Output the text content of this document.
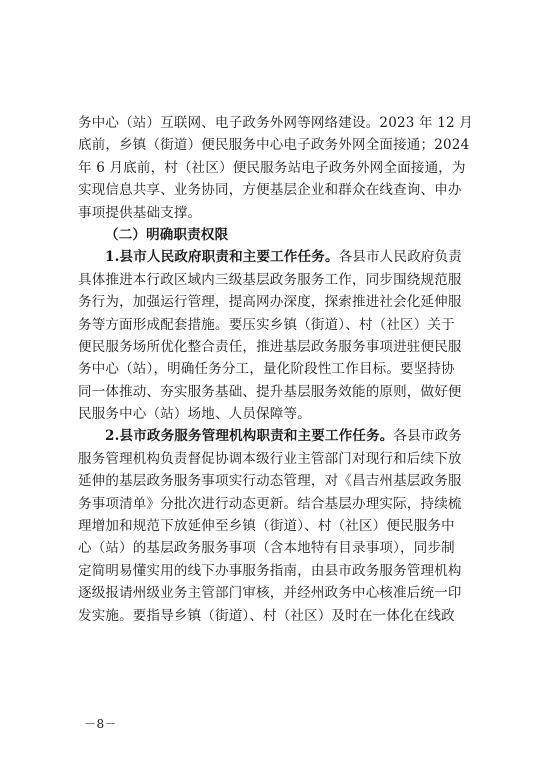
务中心（站）互联网、电子政务外网等网络建设。2023 年 12 月
底前，乡镇（街道）便民服务中心电子政务外网全面接通；2024
年 6 月底前，村（社区）便民服务站电子政务外网全面接通，为
实现信息共享、业务协同，方便基层企业和群众在线查询、申办
事项提供基础支撑。
（二）明确职责权限
1.县市人民政府职责和主要工作任务。各县市人民政府负责
具体推进本行政区域内三级基层政务服务工作，同步围绕规范服
务行为，加强运行管理，提高网办深度，探索推进社会化延伸服
务等方面形成配套措施。要压实乡镇（街道）、村（社区）关于
便民服务场所优化整合责任，推进基层政务服务事项进驻便民服
务中心（站），明确任务分工，量化阶段性工作目标。要坚持协
同一体推动、夯实服务基础、提升基层服务效能的原则，做好便
民服务中心（站）场地、人员保障等。
2.县市政务服务管理机构职责和主要工作任务。各县市政务
服务管理机构负责督促协调本级行业主管部门对现行和后续下放
延伸的基层政务服务事项实行动态管理，对《昌吉州基层政务服
务事项清单》分批次进行动态更新。结合基层办理实际，持续梳
理增加和规范下放延伸至乡镇（街道）、村（社区）便民服务中
心（站）的基层政务服务事项（含本地特有目录事项），同步制
定简明易懂实用的线下办事服务指南，由县市政务服务管理机构
逐级报请州级业务主管部门审核，并经州政务中心核准后统一印
发实施。要指导乡镇（街道）、村（社区）及时在一体化在线政
－8－
